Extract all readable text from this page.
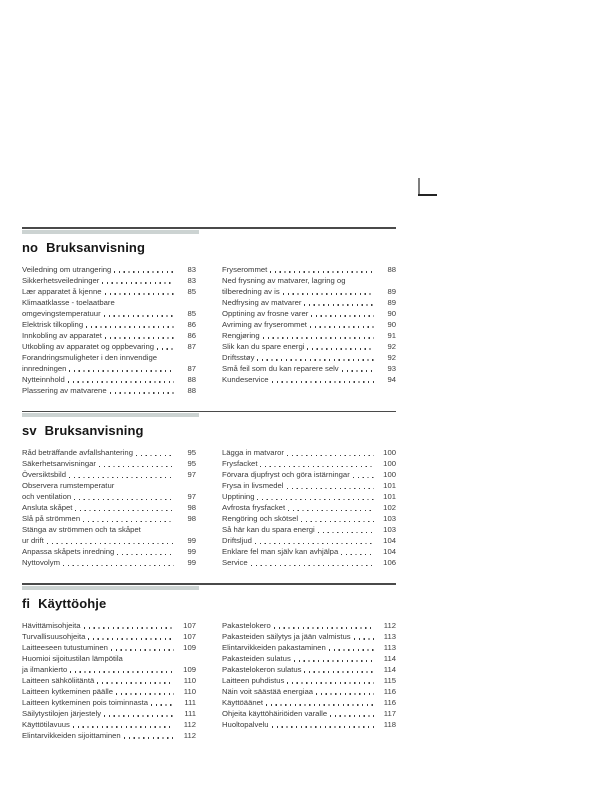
no Bruksanvisning
Veiledning om utrangering	83
Sikkerhetsveiledninger	83
Lær apparatet å kjenne	85
Klimaatklasse - toelaatbare
omgevingstemperatuur	85
Elektrisk tilkopling	86
Innkobling av apparatet	86
Utkobling av apparatet og oppbevaring	87
Forandringsmuligheter i den innvendige
innredningen	87
Nytteinnhold	88
Plassering av matvarene	88
Fryserommet	88
Ned frysning av matvarer, lagring og
tilberedning av is	89
Nedfrysing av matvarer	89
Opptining av frosne varer	90
Avriming av fryserommet	90
Rengjøring	91
Slik kan du spare energi	92
Driftsstøy	92
Små feil som du kan reparere selv	93
Kundeservice	94
sv Bruksanvisning
Råd beträffande avfallshantering	95
Säkerhetsanvisningar	95
Översiktsbild	97
Observera rumstemperatur
och ventilation	97
Ansluta skåpet	98
Slå på strömmen	98
Stänga av strömmen och ta skåpet
ur drift	99
Anpassa skåpets inredning	99
Nyttovolym	99
Lägga in matvaror	100
Frysfacket	100
Förvara djupfryst och göra istärningar	100
Frysa in livsmedel	101
Upptining	101
Avfrosta frysfacket	102
Rengöring och skötsel	103
Så här kan du spara energi	103
Driftsljud	104
Enklare fel man själv kan avhjälpa	104
Service	106
fi Käyttöohje
Hävittämisohjeita	107
Turvallisuusohjeita	107
Laitteeseen tutustuminen	109
Huomioi sijoitustilan lämpötila
ja ilmankierto	109
Laitteen sähköliitäntä	110
Laitteen kytkeminen päälle	110
Laitteen kytkeminen pois toiminnasta	111
Säilytystilojen järjestely	111
Käyttötilavuus	112
Elintarvikkeiden sijoittaminen	112
Pakastelokero	112
Pakasteiden säilytys ja jään valmistus	113
Elintarvikkeiden pakastaminen	113
Pakasteiden sulatus	114
Pakastelokeron sulatus	114
Laitteen puhdistus	115
Näin voit säästää energiaa	116
Käyttöäänet	116
Ohjeita käyttöhäiriöiden varalle	117
Huoltopalvelu	118
